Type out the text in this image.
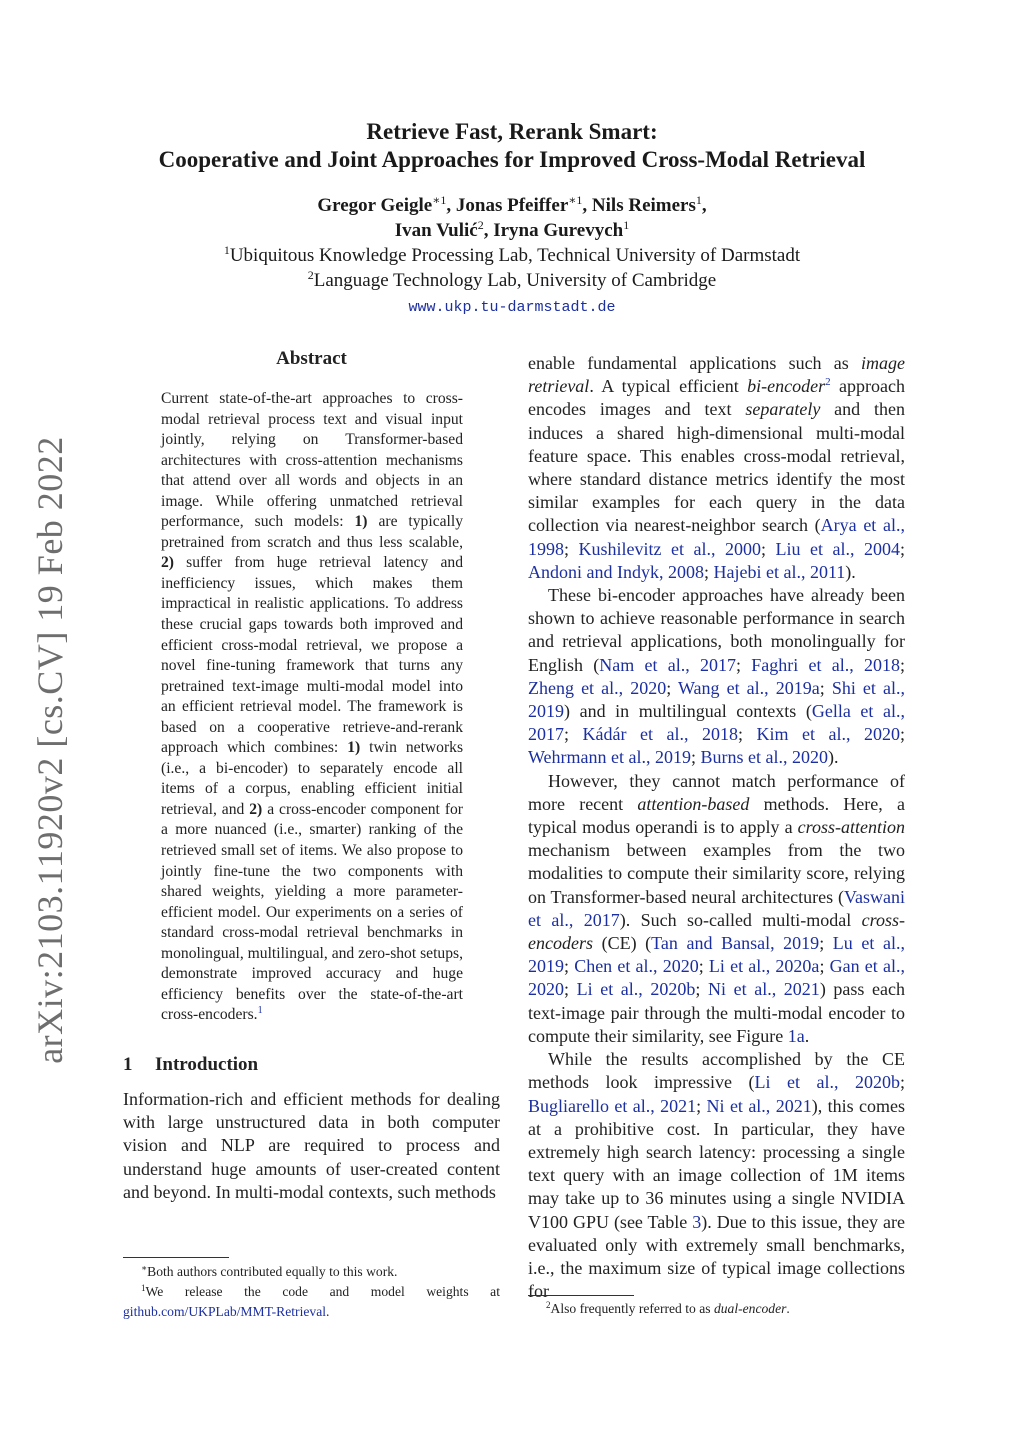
arXiv:2103.11920v2 [cs.CV] 19 Feb 2022
Retrieve Fast, Rerank Smart:
Cooperative and Joint Approaches for Improved Cross-Modal Retrieval
Gregor Geigle$^{∗1}$, Jonas Pfeiffer$^{∗1}$, Nils Reimers$^1$,
Ivan Vulić$^2$, Iryna Gurevych$^1$
$^1$Ubiquitous Knowledge Processing Lab, Technical University of Darmstadt
$^2$Language Technology Lab, University of Cambridge
www.ukp.tu-darmstadt.de
Abstract
Current state-of-the-art approaches to cross-modal retrieval process text and visual input jointly, relying on Transformer-based architectures with cross-attention mechanisms that attend over all words and objects in an image. While offering unmatched retrieval performance, such models: 1) are typically pretrained from scratch and thus less scalable, 2) suffer from huge retrieval latency and inefficiency issues, which makes them impractical in realistic applications. To address these crucial gaps towards both improved and efficient cross-modal retrieval, we propose a novel fine-tuning framework that turns any pretrained text-image multi-modal model into an efficient retrieval model. The framework is based on a cooperative retrieve-and-rerank approach which combines: 1) twin networks (i.e., a bi-encoder) to separately encode all items of a corpus, enabling efficient initial retrieval, and 2) a cross-encoder component for a more nuanced (i.e., smarter) ranking of the retrieved small set of items. We also propose to jointly fine-tune the two components with shared weights, yielding a more parameter-efficient model. Our experiments on a series of standard cross-modal retrieval benchmarks in monolingual, multilingual, and zero-shot setups, demonstrate improved accuracy and huge efficiency benefits over the state-of-the-art cross-encoders.$^1$
1 Introduction

Information-rich and efficient methods for dealing with large unstructured data in both computer vision and NLP are required to process and understand huge amounts of user-created content and beyond. In multi-modal contexts, such methods

enable fundamental applications such as image retrieval. A typical efficient bi-encoder$^2$ approach encodes images and text separately and then induces a shared high-dimensional multi-modal feature space. This enables cross-modal retrieval, where standard distance metrics identify the most similar examples for each query in the data collection via nearest-neighbor search (Arya et al., 1998; Kushilevitz et al., 2000; Liu et al., 2004; Andoni and Indyk, 2008; Hajebi et al., 2011).

These bi-encoder approaches have already been shown to achieve reasonable performance in search and retrieval applications, both monolingually for English (Nam et al., 2017; Faghri et al., 2018; Zheng et al., 2020; Wang et al., 2019a; Shi et al., 2019) and in multilingual contexts (Gella et al., 2017; Kádár et al., 2018; Kim et al., 2020; Wehrmann et al., 2019; Burns et al., 2020).

However, they cannot match performance of more recent attention-based methods. Here, a typical modus operandi is to apply a cross-attention mechanism between examples from the two modalities to compute their similarity score, relying on Transformer-based neural architectures (Vaswani et al., 2017). Such so-called multi-modal cross-encoders (CE) (Tan and Bansal, 2019; Lu et al., 2019; Chen et al., 2020; Li et al., 2020a; Gan et al., 2020; Li et al., 2020b; Ni et al., 2021) pass each text-image pair through the multi-modal encoder to compute their similarity, see Figure 1a.

While the results accomplished by the CE methods look impressive (Li et al., 2020b; Bugliarello et al., 2021; Ni et al., 2021), this comes at a prohibitive cost. In particular, they have extremely high search latency: processing a single text query with an image collection of 1M items may take up to 36 minutes using a single NVIDIA V100 GPU (see Table 3). Due to this issue, they are evaluated only with extremely small benchmarks, i.e., the maximum size of typical image collections for

∗Both authors contributed equally to this work.
$^1$We release the code and model weights at
github.com/UKPLab/MMT-Retrieval.	$^2$Also frequently referred to as dual-encoder.
